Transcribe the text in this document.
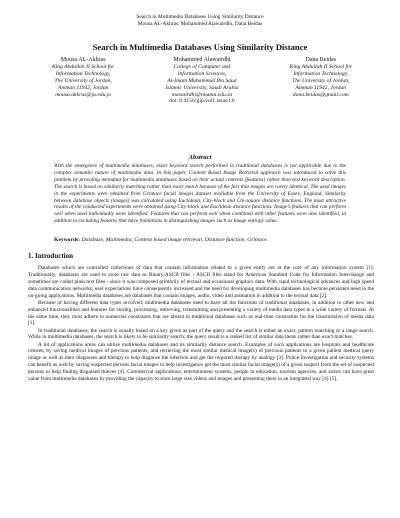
Search in Multimedia Databases Using Similarity Distance
Mousa AL-Akhras, Mohammed Alawairdhi, Dana Beidas
Search in Multimedia Databases Using Similarity Distance
Mousa AL-Akhras
King Abdullah II School for
Information Technology,
The University of Jordan,
Amman 11942, Jordan
mousa.akhras@ju.edu.jo
Mohammed Alawairdhi
College of Computer and
Information Sciences,
Al-Imam Muhammad Ibn Saud
Islamic University, Saudi Arabia
mawairdhi@imamu.edu.sa
doi: 0.4156/jjip.vol1.issue1.6
Dana Beidas
King Abdullah II School for
Information Technology,
The University of Jordan,
Amman 11942, Jordan
dana.beidas@gmail.com
Abstract
With the emergence of multimedia databases, exact keyword search performed in traditional databases is not applicable due to the complex semantic nature of multimedia data. In this paper, Content Based Image Retrieval approach was introduced to solve this problem by providing metadata for multimedia databases based on their actual contents (features) rather than text keyword description. The search is based on similarity matching rather than exact match because of the fact that images are rarely identical. The used images in the experiments were obtained from Grimace facial images dataset available from the University of Essex, England. Similarity between database objects (images) was calculated using Euclidean, City-block and Chi-square distance functions. The most attractive results of the conducted experiments were obtained using City-block and Euclidean distance functions. Image's features that can perform well when used individually were identified. Features that can perform well when combined with other features were also identified, in addition to excluding features that have limitations in distinguishing images such as image entropy value.
Keywords: Database, Multimedia, Content based image retrieval, Distance function, Grimace.
1. Introduction

Databases which are controlled collections of data that contain information related to a given entity are at the core of any information system [1]. Traditionally, databases are used to store raw data as Binary/ASCII files - ASCII files stand for American Standard Code for Information Interchange and sometimes are called plain text files - since it was composed primarily of textual and occasional graphics data. With rapid technological advances and high speed data communication networks; user expectations have consequently increased and the need for developing multimedia databases has become persistent need in the on-going applications. Multimedia databases are databases that contain images, audio, video and animation in addition to the textual data [2].

Because of having different data types involved; multimedia databases need to have all the functions of traditional databases, in addition to other new and enhanced functionalities and features for storing, processing, retrieving, transmitting and presenting a variety of media data types in a wide variety of formats. At the same time, they must adhere to numerous constraints that are absent in traditional databases such as real-time constraints for the transmission of media data [1].

In traditional databases, the search is usually based on a key given as part of the query and the search is either an exact, pattern matching or a range search. While in multimedia databases, the search is likely to be similarity search; the query result is a ranked list of similar data items rather than exact matches.

A lot of applications areas can utilise multimedia databases and its similarity distance search. Examples of such applications are hospitals and healthcare centres; by saving medical images of previous patients, and retrieving the most similar medical image(s) of previous patients to a given patient medical query image as well as their diagnoses and therapy to help diagnose the infection and get the required therapy by analogy [3]. Police Investigation and security systems can benefit as well by saving suspected persons facial images to help investigators get the most similar facial image(s) of a given suspect from the set of suspected persons to help finding disguised thieves [4]. Commercial applications, entertainment systems, people in education, tourism agencies, and artists can have great value from multimedia databases by providing the capacity to store large size videos and images and presenting them in an integrated way [4] [5].
